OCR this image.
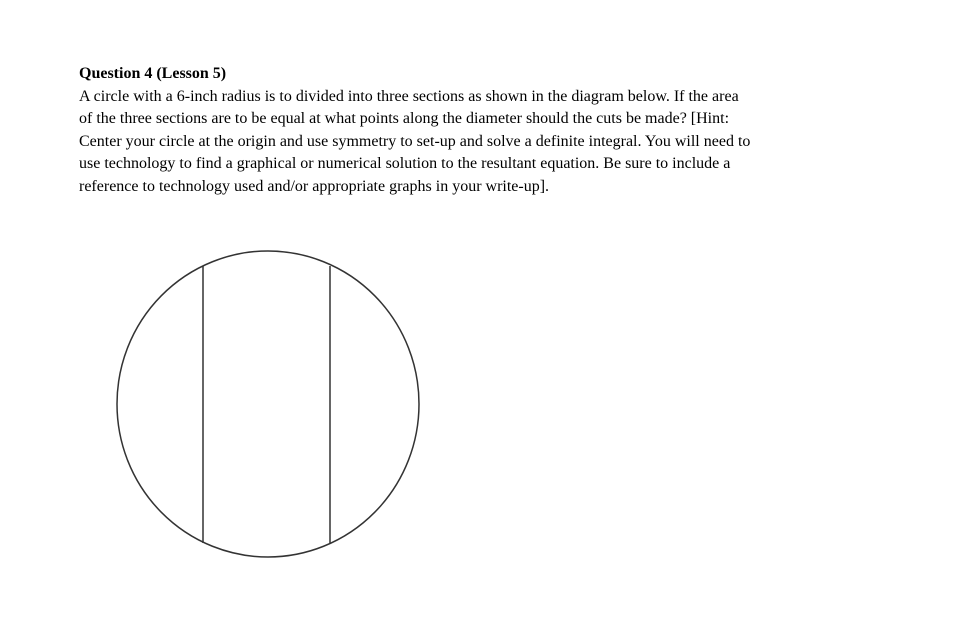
Question 4 (Lesson 5)

A circle with a 6-inch radius is to divided into three sections as shown in the diagram below. If the area

of the three sections are to be equal at what points along the diameter should the cuts be made? [Hint:

Center your circle at the origin and use symmetry to set-up and solve a definite integral. You will need to

use technology to find a graphical or numerical solution to the resultant equation. Be sure to include a

reference to technology used and/or appropriate graphs in your write-up].
